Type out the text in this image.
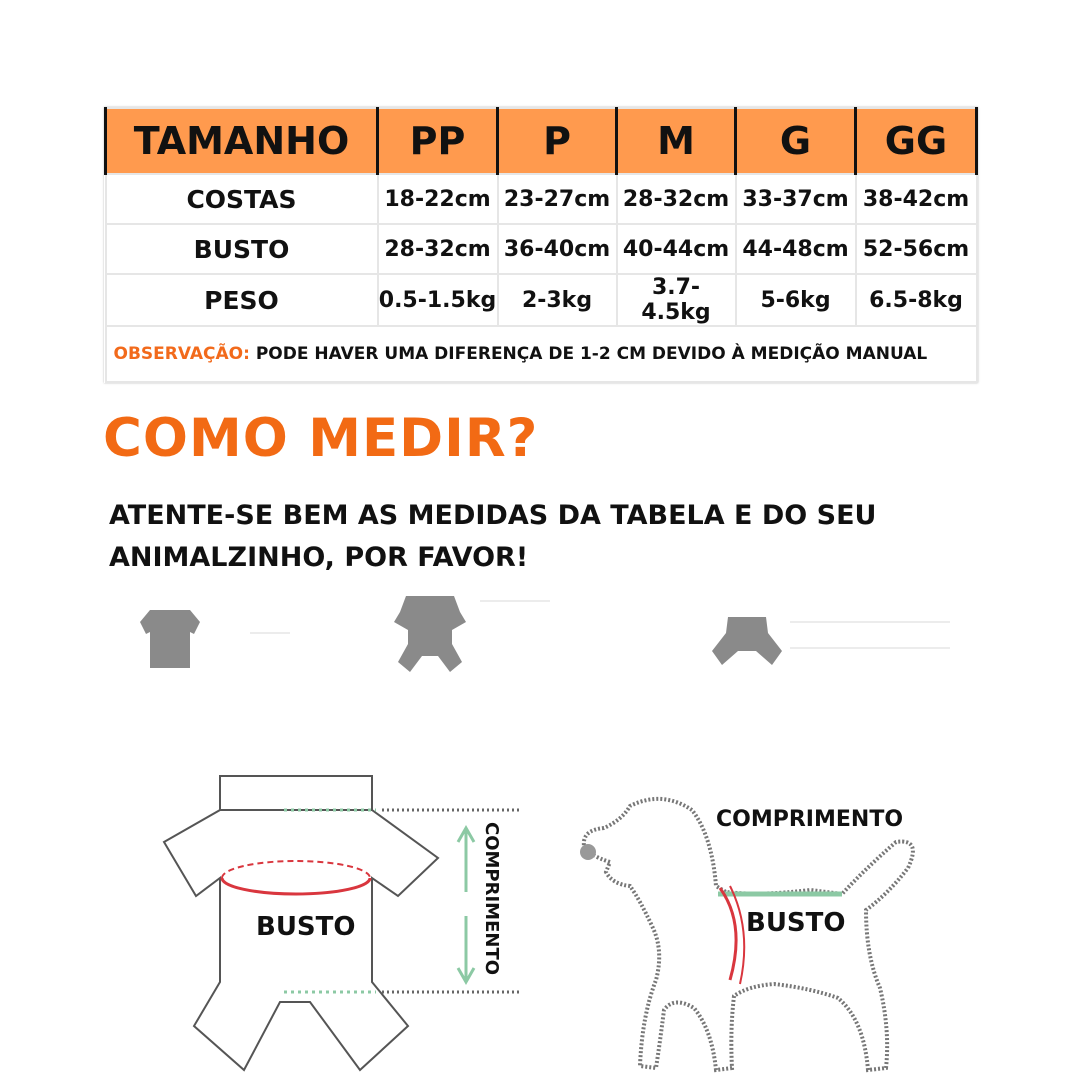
TAMANHO	PP	P	M	G	GG
COSTAS	18-22cm	23-27cm	28-32cm	33-37cm	38-42cm
BUSTO	28-32cm	36-40cm	40-44cm	44-48cm	52-56cm
PESO	0.5-1.5kg	2-3kg	3.7-4.5kg	5-6kg	6.5-8kg
OBSERVAÇÃO: PODE HAVER UMA DIFERENÇA DE 1-2 CM DEVIDO À MEDIÇÃO MANUAL					
COMO MEDIR?

ATENTE-SE BEM AS MEDIDAS DA TABELA E DO SEU ANIMALZINHO, POR FAVOR!

BUSTO	COMPRIMENTO
COMPRIMENTO
BUSTO
